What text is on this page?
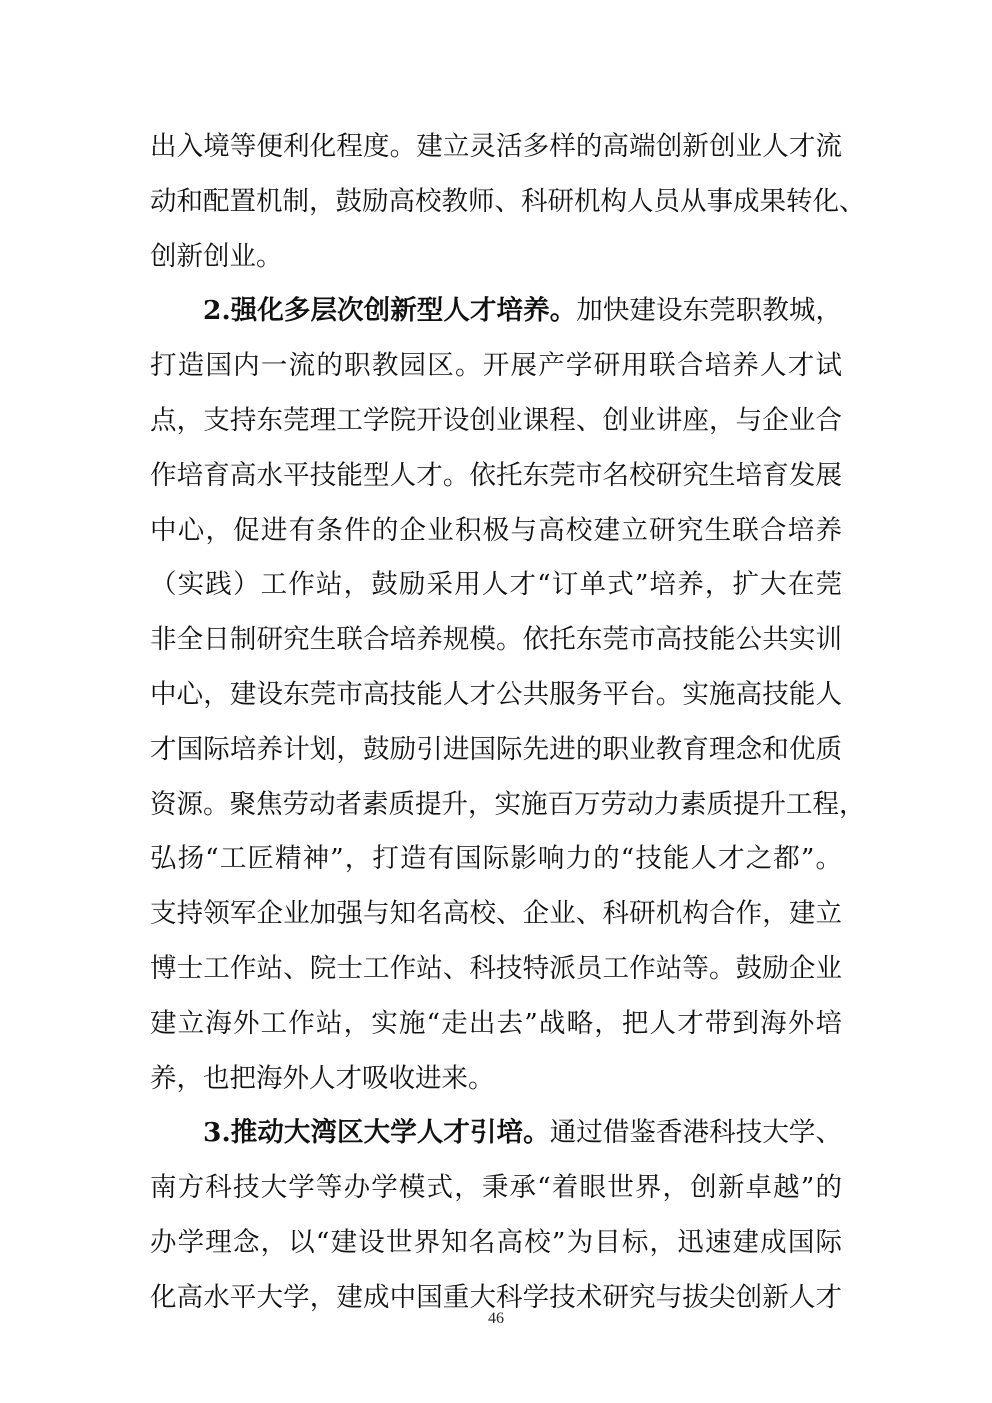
出入境等便利化程度。建立灵活多样的高端创新创业人才流
动和配置机制，鼓励高校教师、科研机构人员从事成果转化、
创新创业。
2.强化多层次创新型人才培养。加快建设东莞职教城，
打造国内一流的职教园区。开展产学研用联合培养人才试
点，支持东莞理工学院开设创业课程、创业讲座，与企业合
作培育高水平技能型人才。依托东莞市名校研究生培育发展
中心，促进有条件的企业积极与高校建立研究生联合培养
（实践）工作站，鼓励采用人才“订单式”培养，扩大在莞
非全日制研究生联合培养规模。依托东莞市高技能公共实训
中心，建设东莞市高技能人才公共服务平台。实施高技能人
才国际培养计划，鼓励引进国际先进的职业教育理念和优质
资源。聚焦劳动者素质提升，实施百万劳动力素质提升工程，
弘扬“工匠精神”，打造有国际影响力的“技能人才之都”。
支持领军企业加强与知名高校、企业、科研机构合作，建立
博士工作站、院士工作站、科技特派员工作站等。鼓励企业
建立海外工作站，实施“走出去”战略，把人才带到海外培
养，也把海外人才吸收进来。
3.推动大湾区大学人才引培。通过借鉴香港科技大学、
南方科技大学等办学模式，秉承“着眼世界，创新卓越”的
办学理念，以“建设世界知名高校”为目标，迅速建成国际
化高水平大学，建成中国重大科学技术研究与拔尖创新人才
46
